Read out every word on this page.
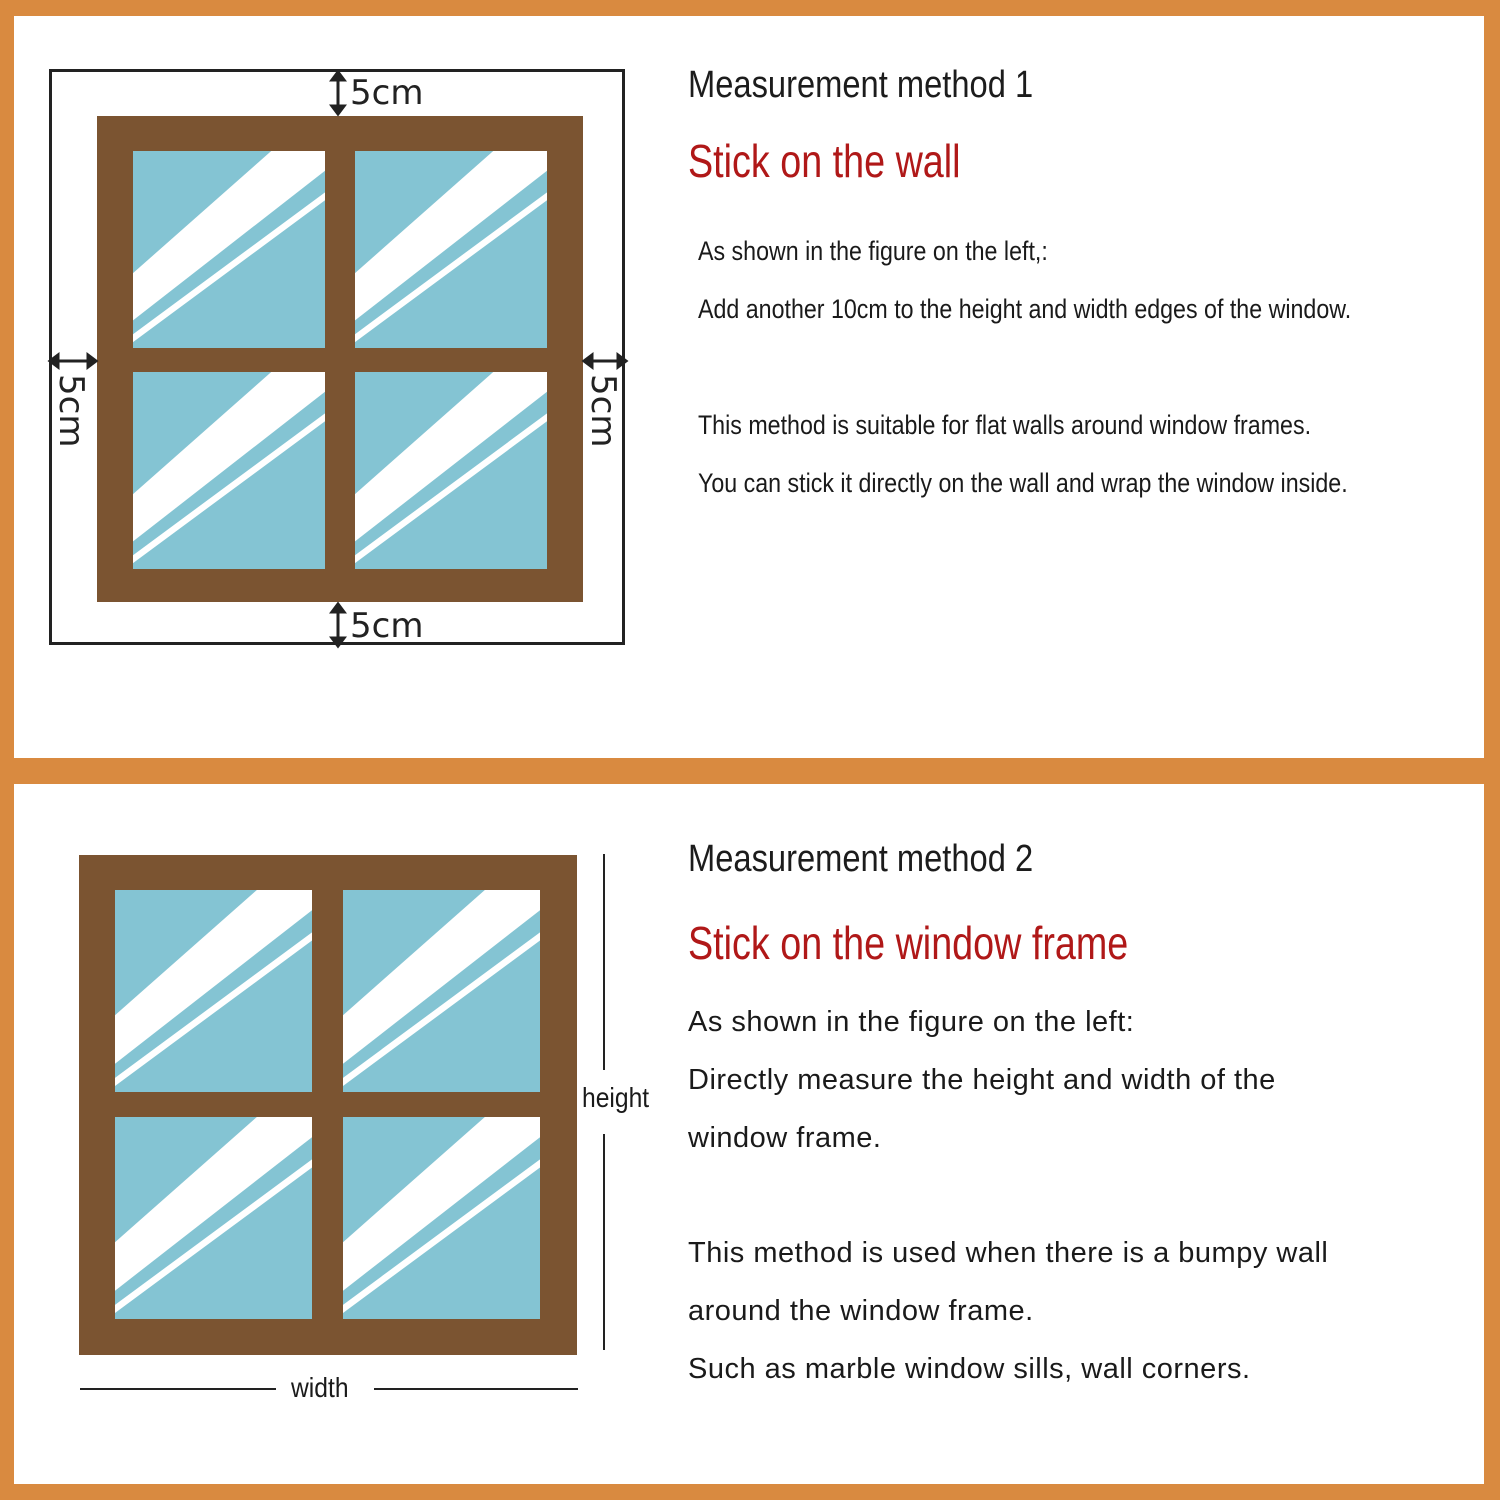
5cm
5cm
5cm	5cm
Measurement method 1
Stick on the wall
As shown in the figure on the left,:
Add another 10cm to the height and width edges of the window.
This method is suitable for flat walls around window frames.
You can stick it directly on the wall and wrap the window inside.
height
width
Measurement method 2
Stick on the window frame
As shown in the figure on the left:
Directly measure the height and width of the
window frame.
This method is used when there is a bumpy wall
around the window frame.
Such as marble window sills, wall corners.
